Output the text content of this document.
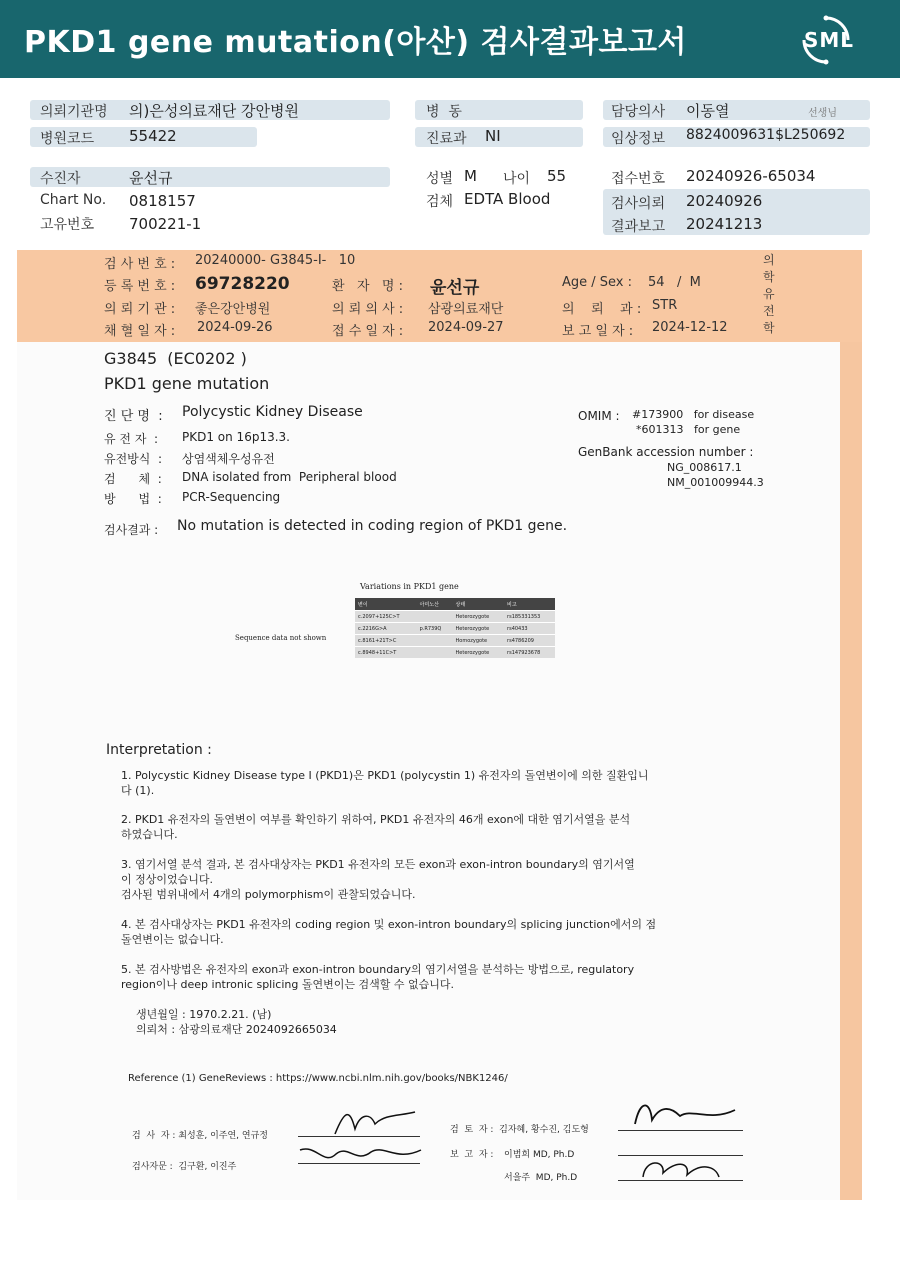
PKD1 gene mutation(아산) 검사결과보고서	SML
의뢰기관명 의)은성의료재단 강안병원	병  동	담당의사 이동열	선생님
병원코드 55422	진료과 NI	임상정보 8824009631$L250692
수진자	윤선규	성별 M 나이 55	접수번호 20240926-65034
Chart No. 0818157	검체 EDTA Blood	검사의뢰 20240926
고유번호 700221-1	결과보고 20241213
검 사 번 호 : 20240000- G3845-I-   10
등 록 번 호 : 69728220	환   자   명 : 윤선규	Age / Sex : 54   /  M
의 뢰 기 관 : 좋은강안병원	의 뢰 의 사 : 삼광의료재단	의    뢰    과 : STR
채 혈 일 자 : 2024-09-26	접 수 일 자 : 2024-09-27	보 고 일 자 : 2024-12-12
의
학
유
전
학
G3845  (EC0202 )
PKD1 gene mutation
진 단 명  : Polycystic Kidney Disease
유 전 자  : PKD1 on 16p13.3.
유전방식  : 상염색체우성유전
검      체  : DNA isolated from  Peripheral blood
방      법  : PCR-Sequencing
OMIM : #173900   for disease
*601313   for gene
GenBank accession number :
NG_008617.1
NM_001009944.3
검사결과 : No mutation is detected in coding region of PKD1 gene.
Variations in PKD1 gene
Sequence data not shown
변이	아미노산	상태	비고
c.2097+125C>T		Heterozygote	rs185331353
c.2216G>A	p.R739Q	Heterozygote	rs40433
c.8161+21T>C		Homozygote	rs4786209
c.8948+11C>T		Heterozygote	rs147923678
Interpretation :
1. Polycystic Kidney Disease type I (PKD1)은 PKD1 (polycystin 1) 유전자의 돌연변이에 의한 질환입니
다 (1).
2. PKD1 유전자의 돌연변이 여부를 확인하기 위하여, PKD1 유전자의 46개 exon에 대한 염기서열을 분석
하였습니다.
3. 염기서열 분석 결과, 본 검사대상자는 PKD1 유전자의 모든 exon과 exon-intron boundary의 염기서열
이 정상이었습니다.
검사된 범위내에서 4개의 polymorphism이 관찰되었습니다.
4. 본 검사대상자는 PKD1 유전자의 coding region 및 exon-intron boundary의 splicing junction에서의 점
돌연변이는 없습니다.
5. 본 검사방법은 유전자의 exon과 exon-intron boundary의 염기서열을 분석하는 방법으로, regulatory
region이나 deep intronic splicing 돌연변이는 검색할 수 없습니다.
생년월일 : 1970.2.21. (남)
의뢰처 : 삼광의료재단 2024092665034
Reference (1) GeneReviews : https://www.ncbi.nlm.nih.gov/books/NBK1246/
검  사  자 : 최성훈, 이주연, 연규정
검사자문 :  김구환, 이진주
검  토  자 :  김자혜, 황수진, 김도형
보  고  자 : 이범희 MD, Ph.D
서을주  MD, Ph.D
